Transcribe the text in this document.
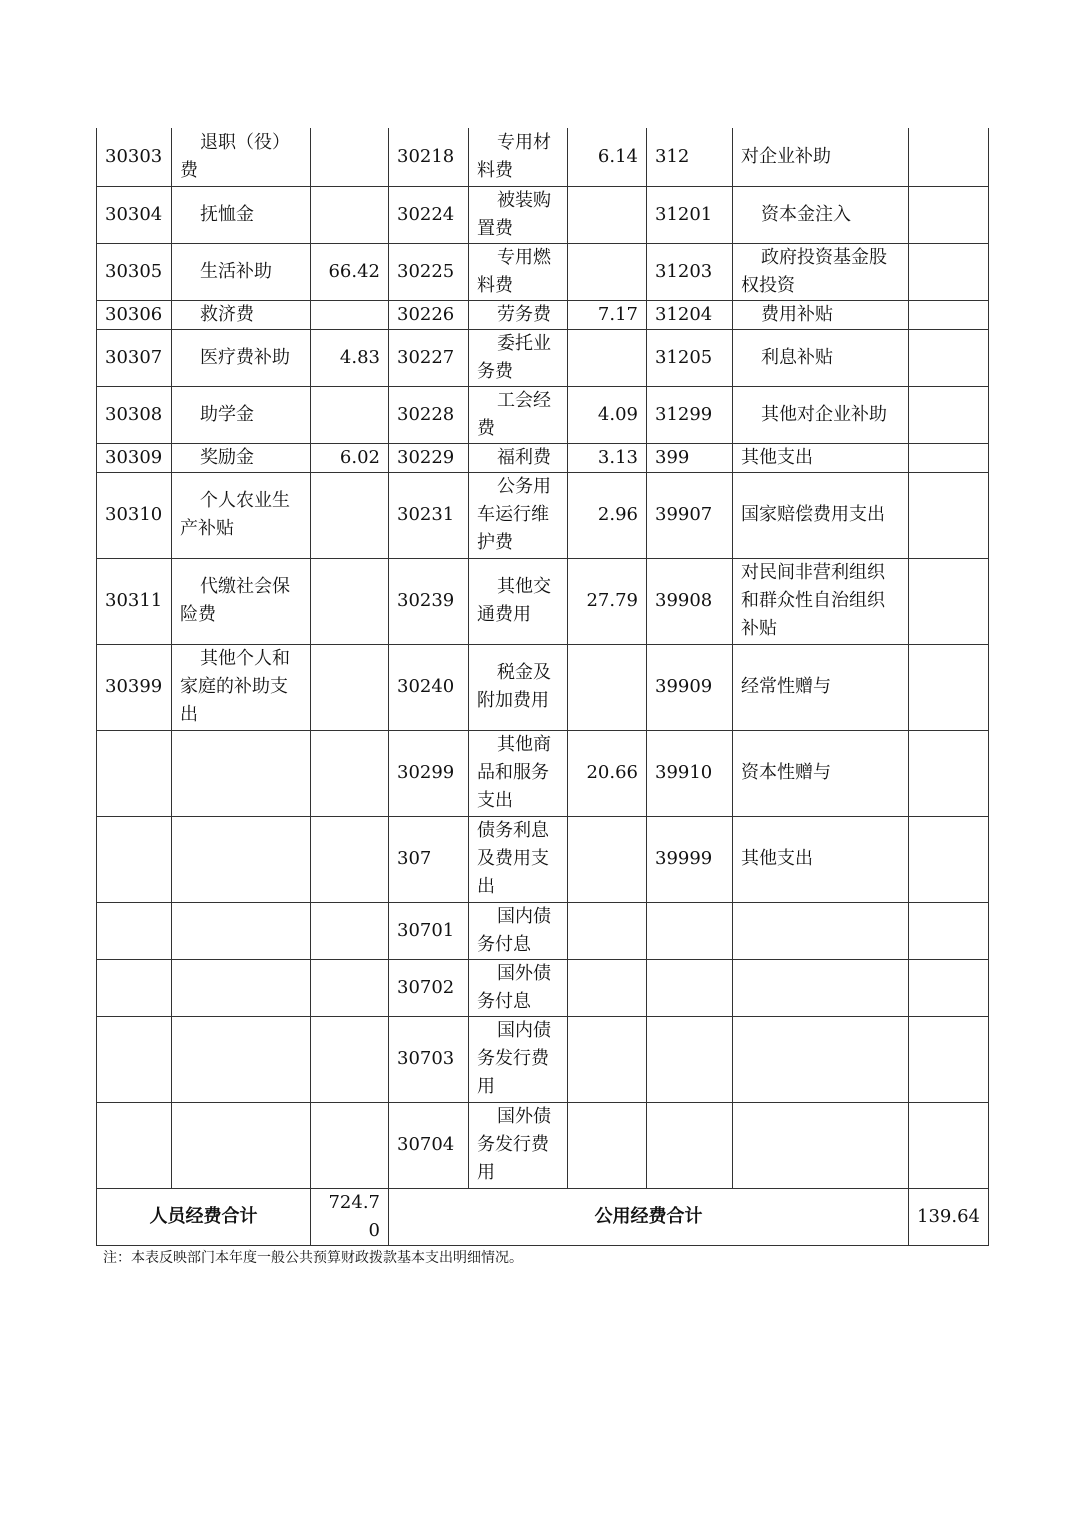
30303	退职（役）费		30218	专用材料费	6.14	312	对企业补助	
30304	抚恤金		30224	被装购置费		31201	资本金注入	
30305	生活补助	66.42	30225	专用燃料费		31203	政府投资基金股权投资	
30306	救济费		30226	劳务费	7.17	31204	费用补贴	
30307	医疗费补助	4.83	30227	委托业务费		31205	利息补贴	
30308	助学金		30228	工会经费	4.09	31299	其他对企业补助	
30309	奖励金	6.02	30229	福利费	3.13	399	其他支出	
30310	个人农业生产补贴		30231	公务用车运行维护费	2.96	39907	国家赔偿费用支出	
30311	代缴社会保险费		30239	其他交通费用	27.79	39908	对民间非营利组织和群众性自治组织补贴	
30399	其他个人和家庭的补助支出		30240	税金及附加费用		39909	经常性赠与	
			30299	其他商品和服务支出	20.66	39910	资本性赠与	
			307	债务利息及费用支出		39999	其他支出	
			30701	国内债务付息				
			30702	国外债务付息				
			30703	国内债务发行费用				
			30704	国外债务发行费用				
人员经费合计		724.70	公用经费合计					139.64
注：本表反映部门本年度一般公共预算财政拨款基本支出明细情况。
